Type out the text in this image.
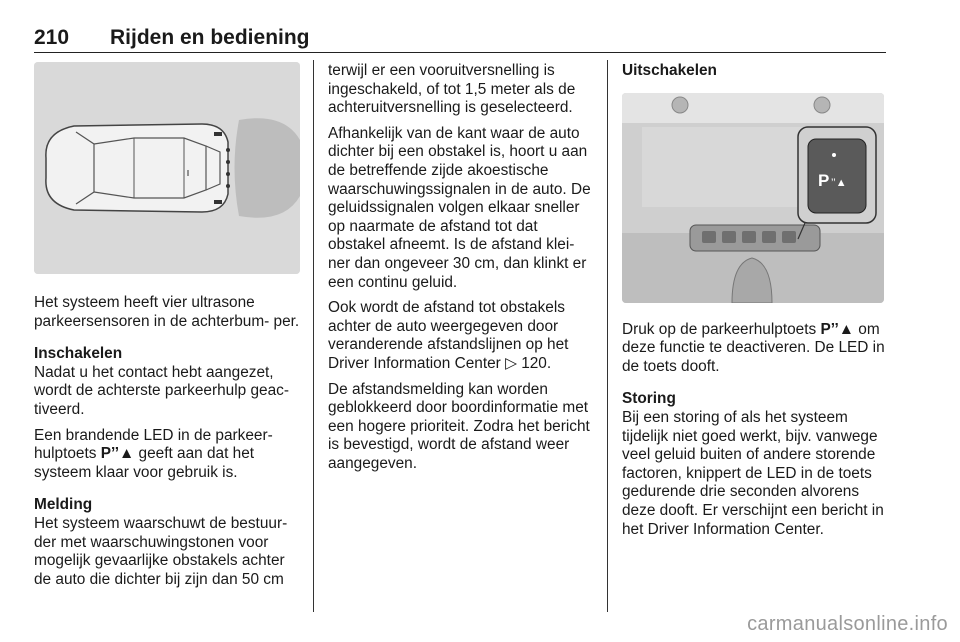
210 Rijden en bediening

Het systeem heeft vier ultrasone parkeersensoren in de achterbum- per.

Inschakelen

Nadat u het contact hebt aangezet, wordt de achterste parkeerhulp geac- tiveerd.

Een brandende LED in de parkeer- hulptoets P’’▲ geeft aan dat het systeem klaar voor gebruik is.

Melding

Het systeem waarschuwt de bestuur- der met waarschuwingstonen voor mogelijk gevaarlijke obstakels achter de auto die dichter bij zijn dan 50 cm

terwijl er een vooruitversnelling is ingeschakeld, of tot 1,5 meter als de achteruitversnelling is geselecteerd.

Afhankelijk van de kant waar de auto dichter bij een obstakel is, hoort u aan de betreffende zijde akoestische waarschuwingssignalen in de auto. De geluidssignalen volgen elkaar sneller op naarmate de afstand tot dat obstakel afneemt. Is de afstand klei- ner dan ongeveer 30 cm, dan klinkt er een continu geluid.

Ook wordt de afstand tot obstakels achter de auto weergegeven door veranderende afstandslijnen op het Driver Information Center ▷ 120.

De afstandsmelding kan worden geblokkeerd door boordinformatie met een hogere prioriteit. Zodra het bericht is bevestigd, wordt de afstand weer aangegeven.

Uitschakelen
P ’’▲

Druk op de parkeerhulptoets P’’▲ om deze functie te deactiveren. De LED in de toets dooft.

Storing

Bij een storing of als het systeem tijdelijk niet goed werkt, bijv. vanwege veel geluid buiten of andere storende factoren, knippert de LED in de toets gedurende drie seconden alvorens deze dooft. Er verschijnt een bericht in het Driver Information Center.

carmanualsonline.info
